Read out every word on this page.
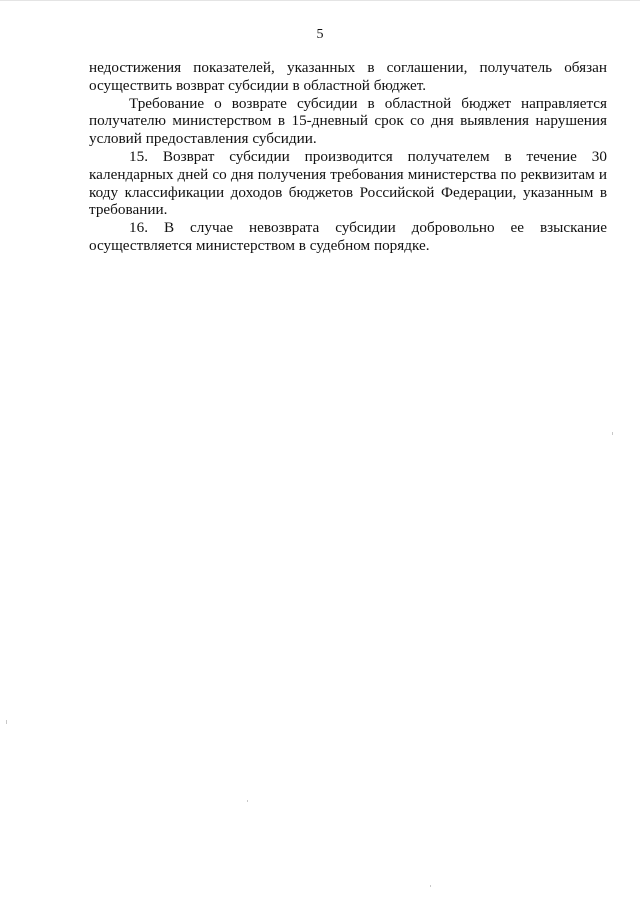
5

недостижения показателей, указанных в соглашении, получатель обязан осуществить возврат субсидии в областной бюджет.

Требование о возврате субсидии в областной бюджет направляется получателю министерством в 15-дневный срок со дня выявления нарушения условий предоставления субсидии.

15. Возврат субсидии производится получателем в течение 30 календарных дней со дня получения требования министерства по реквизитам и коду классификации доходов бюджетов Российской Федерации, указанным в требовании.

16. В случае невозврата субсидии добровольно ее взыскание осуществляется министерством в судебном порядке.
